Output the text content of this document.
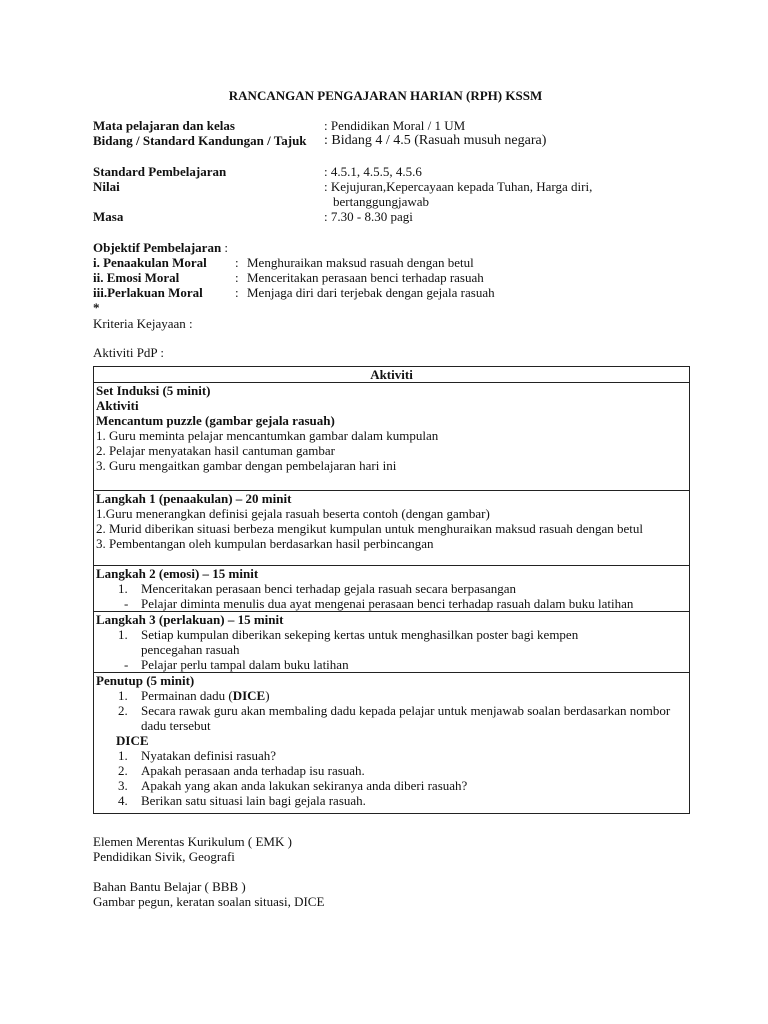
RANCANGAN PENGAJARAN HARIAN (RPH) KSSM
Mata pelajaran dan kelas	: Pendidikan Moral / 1 UM
Bidang / Standard Kandungan / Tajuk : Bidang 4 / 4.5 (Rasuah musuh negara)
Standard Pembelajaran	: 4.5.1, 4.5.5, 4.5.6
Nilai	: Kejujuran,Kepercayaan kepada Tuhan, Harga diri,
bertanggungjawab
Masa	: 7.30 - 8.30 pagi
Objektif Pembelajaran :
i. Penaakulan Moral : Menghuraikan maksud rasuah dengan betul
ii. Emosi Moral	: Menceritakan perasaan benci terhadap rasuah
iii.Perlakuan Moral : Menjaga diri dari terjebak dengan gejala rasuah
*
Kriteria Kejayaan :
Aktiviti PdP :
Aktiviti

Set Induksi (5 minit)
Aktiviti
Mencantum puzzle (gambar gejala rasuah)
1. Guru meminta pelajar mencantumkan gambar dalam kumpulan
2. Pelajar menyatakan hasil cantuman gambar
3. Guru mengaitkan gambar dengan pembelajaran hari ini

Langkah 1 (penaakulan) – 20 minit
1.Guru menerangkan definisi gejala rasuah beserta contoh (dengan gambar)
2. Murid diberikan situasi berbeza mengikut kumpulan untuk menghuraikan maksud rasuah dengan betul
3. Pembentangan oleh kumpulan berdasarkan hasil perbincangan

Langkah 2 (emosi) – 15 minit
1. Menceritakan perasaan benci terhadap gejala rasuah secara berpasangan
- Pelajar diminta menulis dua ayat mengenai perasaan benci terhadap rasuah dalam buku latihan

Langkah 3 (perlakuan) – 15 minit
1. Setiap kumpulan diberikan sekeping kertas untuk menghasilkan poster bagi kempen pencegahan rasuah
- Pelajar perlu tampal dalam buku latihan

Penutup (5 minit)
1. Permainan dadu (DICE)
2. Secara rawak guru akan membaling dadu kepada pelajar untuk menjawab soalan berdasarkan nombor dadu tersebut
DICE
1. Nyatakan definisi rasuah?
2. Apakah perasaan anda terhadap isu rasuah.
3. Apakah yang akan anda lakukan sekiranya anda diberi rasuah?
4. Berikan satu situasi lain bagi gejala rasuah.
Elemen Merentas Kurikulum ( EMK )
Pendidikan Sivik, Geografi
Bahan Bantu Belajar ( BBB )
Gambar pegun, keratan soalan situasi, DICE
